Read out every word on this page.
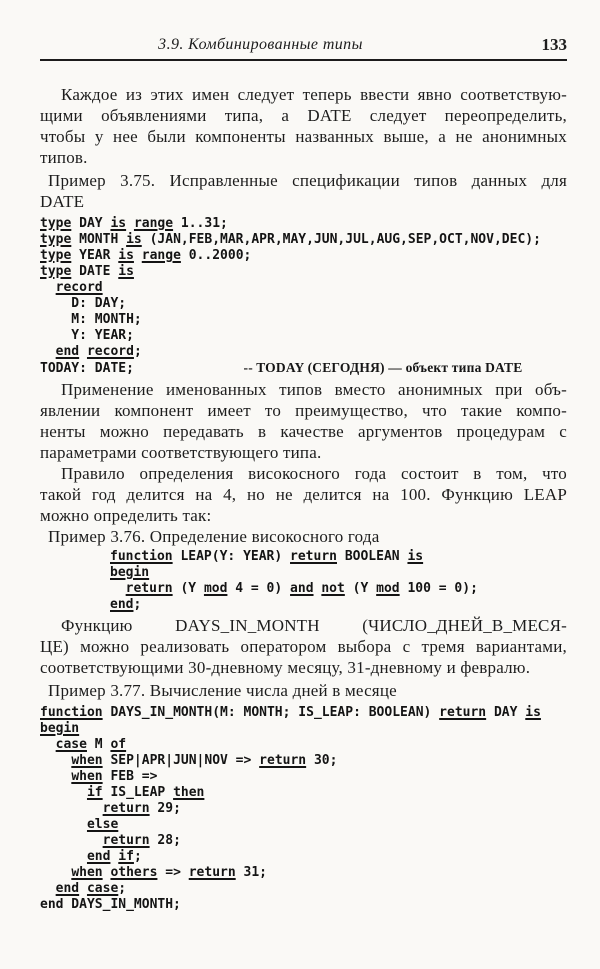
3.9. Комбинированные типы	133
Каждое из этих имен следует теперь ввести явно соответствую-
щими объявлениями типа, а DATE следует переопределить,
чтобы у нее были компоненты названных выше, а не анонимных
типов.
Пример 3.75. Исправленные спецификации типов данных для
DATE
type DAY is range 1..31;
type MONTH is (JAN,FEB,MAR,APR,MAY,JUN,JUL,AUG,SEP,OCT,NOV,DEC);
type YEAR is range 0..2000;
type DATE is
record
D: DAY;
M: MONTH;
Y: YEAR;
end record;
TODAY: DATE;	-- TODAY (СЕГОДНЯ) — объект типа DATE
Применение именованных типов вместо анонимных при объ-
явлении компонент имеет то преимущество, что такие компо-
ненты можно передавать в качестве аргументов процедурам с
параметрами соответствующего типа.
Правило определения високосного года состоит в том, что
такой год делится на 4, но не делится на 100. Функцию LEAP
можно определить так:
Пример 3.76. Определение високосного года
function LEAP(Y: YEAR) return BOOLEAN is
begin
return (Y mod 4 = 0) and not (Y mod 100 = 0);
end;
Функцию DAYS_IN_MONTH (ЧИСЛО_ДНЕЙ_В_МЕСЯ-
ЦЕ) можно реализовать оператором выбора с тремя вариантами,
соответствующими 30-дневному месяцу, 31-дневному и февралю.
Пример 3.77. Вычисление числа дней в месяце
function DAYS_IN_MONTH(M: MONTH; IS_LEAP: BOOLEAN) return DAY is
begin
case M of
when SEP|APR|JUN|NOV => return 30;
when FEB =>
if IS_LEAP then
return 29;
else
return 28;
end if;
when others => return 31;
end case;
end DAYS_IN_MONTH;
